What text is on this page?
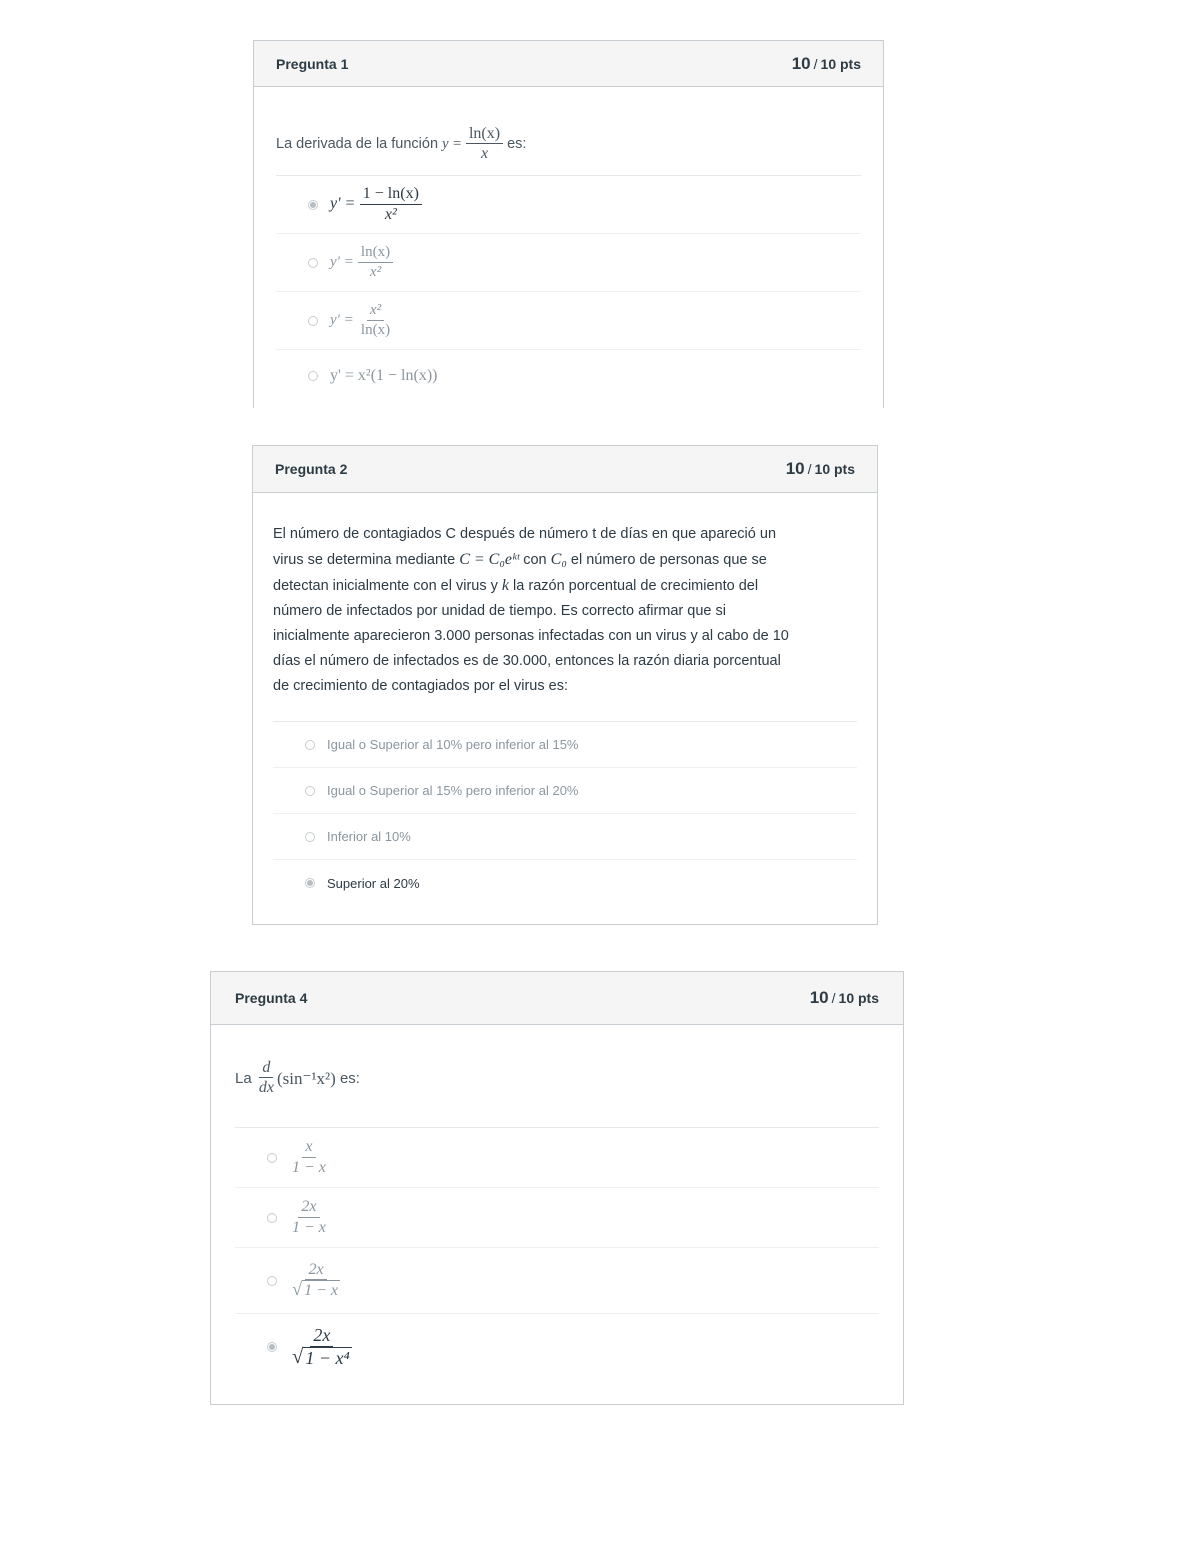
Pregunta 1	10 / 10 pts
La derivada de la función
y =
$\frac{\ln(x)}{x}$
es:
y' =
$\frac{1 - \ln(x)}{\text{x²}}$
y' =
$\frac{\ln(x)}{\text{x²}}$
y' =
$\frac{\text{x²}}{\ln(x)}$
y' = x²(1 − ln(x))
Pregunta 2	10 / 10 pts
El número de contagiados C después de número t de días en que apareció un
virus se determina mediante C = C₀eᵏᵗ con C₀ el número de personas que se
detectan inicialmente con el virus y k la razón porcentual de crecimiento del
número de infectados por unidad de tiempo. Es correcto afirmar que si
inicialmente aparecieron 3.000 personas infectadas con un virus y al cabo de 10
días el número de infectados es de 30.000, entonces la razón diaria porcentual
de crecimiento de contagiados por el virus es:
Igual o Superior al 10% pero inferior al 15%
Igual o Superior al 15% pero inferior al 20%
Inferior al 10%
Superior al 20%
Pregunta 4	10 / 10 pts
La
$\frac{d}{dx} (\sin^{-1}x^2)$
es:
$\frac{x}{1 - x}$
$\frac{2x}{1 - x}$
$\frac{2x}{√ 1 - x}$
$\frac{2x}{\text{√ 1 − x⁴}}$
